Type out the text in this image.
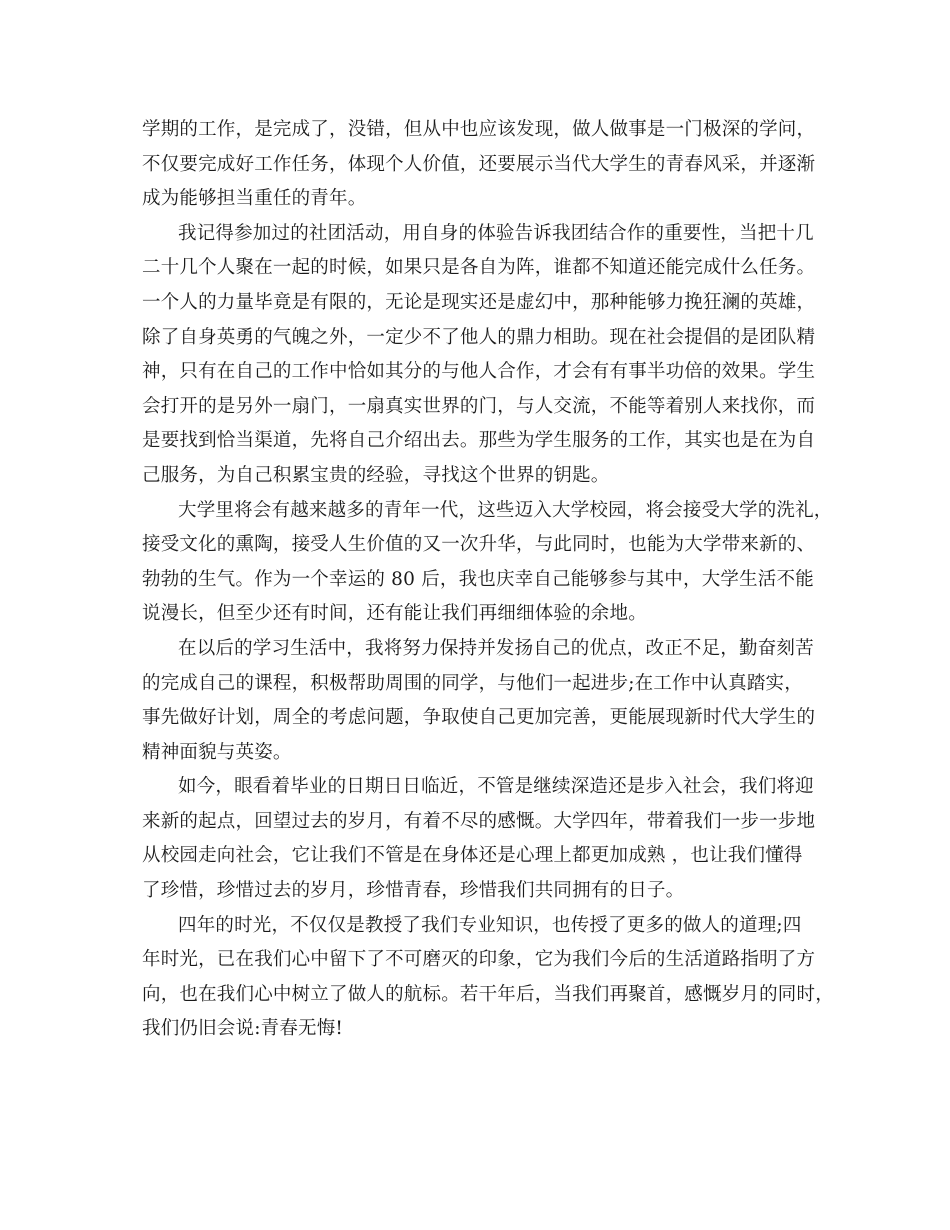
学期的工作，是完成了，没错，但从中也应该发现，做人做事是一门极深的学问，
不仅要完成好工作任务，体现个人价值，还要展示当代大学生的青春风采，并逐渐
成为能够担当重任的青年。
我记得参加过的社团活动，用自身的体验告诉我团结合作的重要性，当把十几
二十几个人聚在一起的时候，如果只是各自为阵，谁都不知道还能完成什么任务。
一个人的力量毕竟是有限的，无论是现实还是虚幻中，那种能够力挽狂澜的英雄，
除了自身英勇的气魄之外，一定少不了他人的鼎力相助。现在社会提倡的是团队精
神，只有在自己的工作中恰如其分的与他人合作，才会有有事半功倍的效果。学生
会打开的是另外一扇门，一扇真实世界的门，与人交流，不能等着别人来找你，而
是要找到恰当渠道，先将自己介绍出去。那些为学生服务的工作，其实也是在为自
己服务，为自己积累宝贵的经验，寻找这个世界的钥匙。
大学里将会有越来越多的青年一代，这些迈入大学校园，将会接受大学的洗礼，
接受文化的熏陶，接受人生价值的又一次升华，与此同时，也能为大学带来新的、
勃勃的生气。作为一个幸运的 80 后，我也庆幸自己能够参与其中，大学生活不能
说漫长，但至少还有时间，还有能让我们再细细体验的余地。
在以后的学习生活中，我将努力保持并发扬自己的优点，改正不足，勤奋刻苦
的完成自己的课程，积极帮助周围的同学，与他们一起进步;在工作中认真踏实，
事先做好计划，周全的考虑问题，争取使自己更加完善，更能展现新时代大学生的
精神面貌与英姿。
如今，眼看着毕业的日期日日临近，不管是继续深造还是步入社会，我们将迎
来新的起点，回望过去的岁月，有着不尽的感慨。大学四年，带着我们一步一步地
从校园走向社会，它让我们不管是在身体还是心理上都更加成熟 ，也让我们懂得
了珍惜，珍惜过去的岁月，珍惜青春，珍惜我们共同拥有的日子。
四年的时光，不仅仅是教授了我们专业知识，也传授了更多的做人的道理;四
年时光，已在我们心中留下了不可磨灭的印象，它为我们今后的生活道路指明了方
向，也在我们心中树立了做人的航标。若干年后，当我们再聚首，感慨岁月的同时，
我们仍旧会说:青春无悔!
